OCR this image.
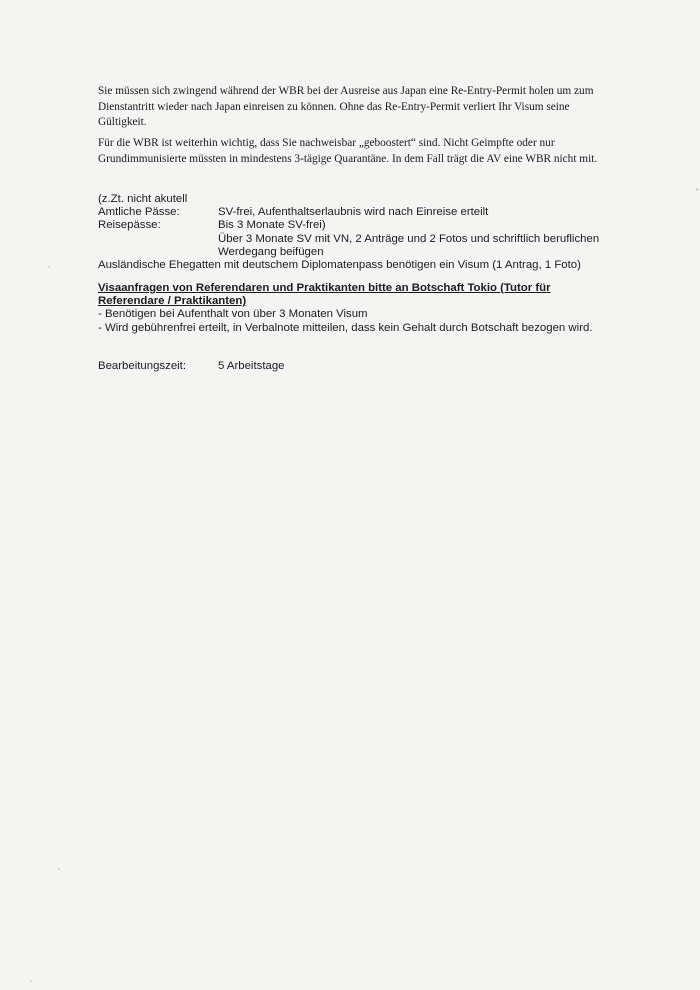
Sie müssen sich zwingend während der WBR bei der Ausreise aus Japan eine Re-Entry-Permit holen um zum Dienstantritt wieder nach Japan einreisen zu können. Ohne das Re-Entry-Permit verliert Ihr Visum seine Gültigkeit.
Für die WBR ist weiterhin wichtig, dass Sie nachweisbar „geboostert“ sind. Nicht Geimpfte oder nur Grundimmunisierte müssten in mindestens 3-tägige Quarantäne. In dem Fall trägt die AV eine WBR nicht mit.
(z.Zt. nicht akutell
Amtliche Pässe:	SV-frei, Aufenthaltserlaubnis wird nach Einreise erteilt
Reisepässe:	Bis 3 Monate SV-frei)
Über 3 Monate SV mit VN, 2 Anträge und 2 Fotos und schriftlich beruflichen Werdegang beifügen
Ausländische Ehegatten mit deutschem Diplomatenpass benötigen ein Visum (1 Antrag, 1 Foto)
Visaanfragen von Referendaren und Praktikanten bitte an Botschaft Tokio (Tutor für Referendare / Praktikanten)
- Benötigen bei Aufenthalt von über 3 Monaten Visum
- Wird gebührenfrei erteilt, in Verbalnote mitteilen, dass kein Gehalt durch Botschaft bezogen wird.
Bearbeitungszeit:	5 Arbeitstage
